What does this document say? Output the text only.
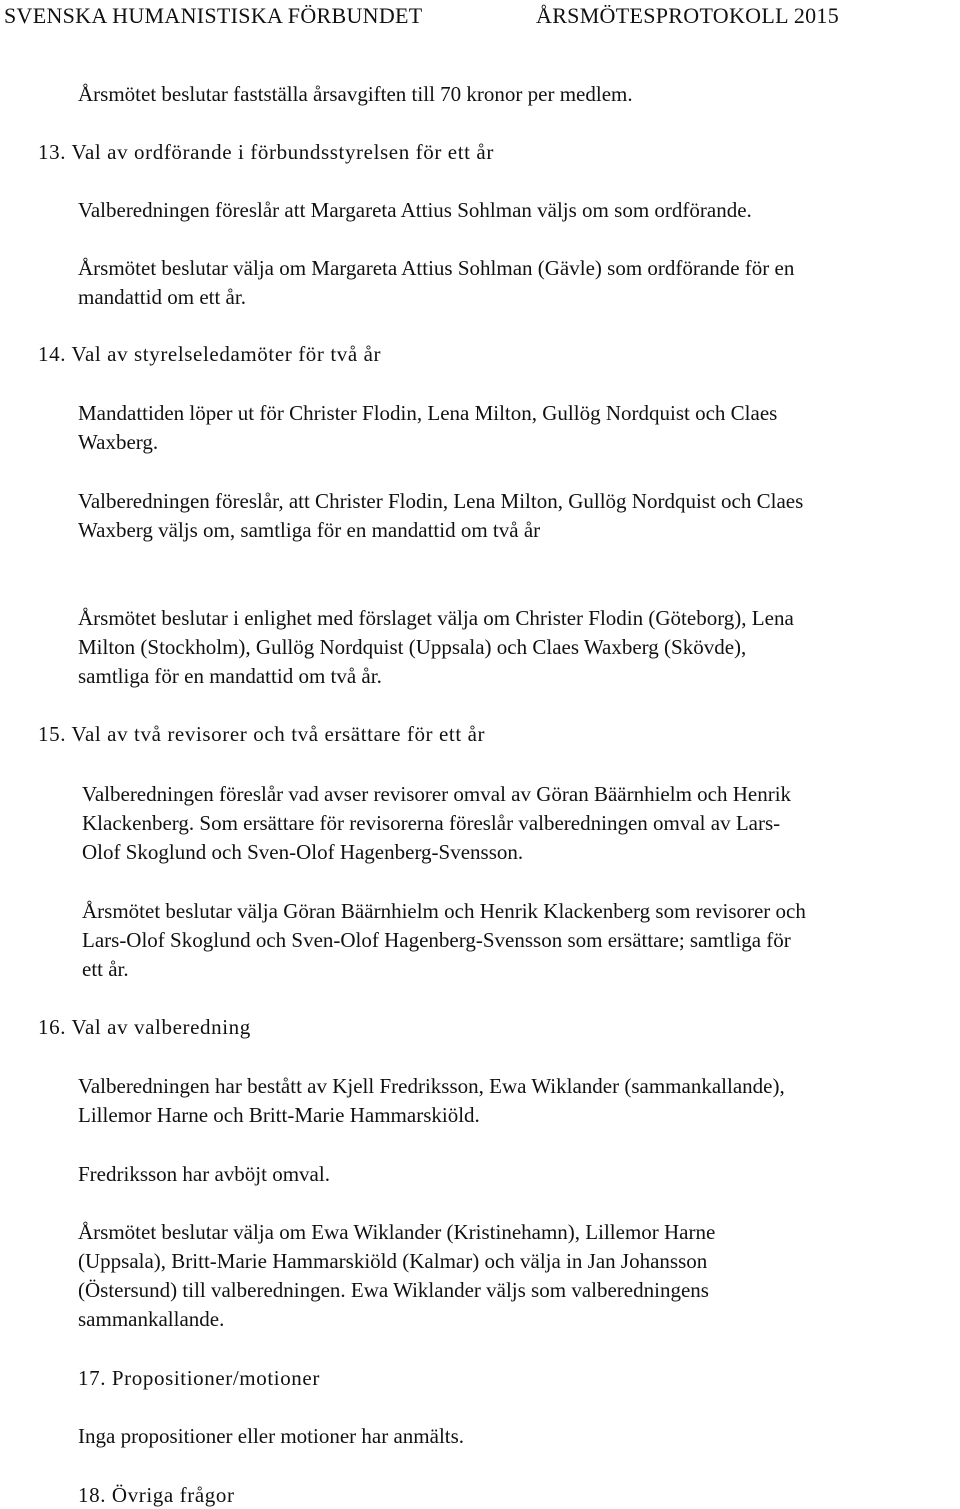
SVENSKA HUMANISTISKA FÖRBUNDET	ÅRSMÖTESPROTOKOLL 2015
Årsmötet beslutar fastställa årsavgiften till 70 kronor per medlem.
13. Val av ordförande i förbundsstyrelsen för ett år
Valberedningen föreslår att Margareta Attius Sohlman väljs om som ordförande.
Årsmötet beslutar välja om Margareta Attius Sohlman (Gävle) som ordförande för en
mandattid om ett år.
14. Val av styrelseledamöter för två år
Mandattiden löper ut för Christer Flodin, Lena Milton, Gullög Nordquist och Claes
Waxberg.
Valberedningen föreslår, att Christer Flodin, Lena Milton, Gullög Nordquist och Claes
Waxberg väljs om, samtliga för en mandattid om två år
Årsmötet beslutar i enlighet med förslaget välja om Christer Flodin (Göteborg), Lena
Milton (Stockholm), Gullög Nordquist (Uppsala) och Claes Waxberg (Skövde),
samtliga för en mandattid om två år.
15. Val av två revisorer och två ersättare för ett år
Valberedningen föreslår vad avser revisorer omval av Göran Bäärnhielm och Henrik
Klackenberg. Som ersättare för revisorerna föreslår valberedningen omval av Lars-
Olof Skoglund och Sven-Olof Hagenberg-Svensson.
Årsmötet beslutar välja Göran Bäärnhielm och Henrik Klackenberg som revisorer och
Lars-Olof Skoglund och Sven-Olof Hagenberg-Svensson som ersättare; samtliga för
ett år.
16. Val av valberedning
Valberedningen har bestått av Kjell Fredriksson, Ewa Wiklander (sammankallande),
Lillemor Harne och Britt-Marie Hammarskiöld.
Fredriksson har avböjt omval.
Årsmötet beslutar välja om Ewa Wiklander (Kristinehamn), Lillemor Harne
(Uppsala), Britt-Marie Hammarskiöld (Kalmar) och välja in Jan Johansson
(Östersund) till valberedningen. Ewa Wiklander väljs som valberedningens
sammankallande.
17. Propositioner/motioner
Inga propositioner eller motioner har anmälts.
18. Övriga frågor
